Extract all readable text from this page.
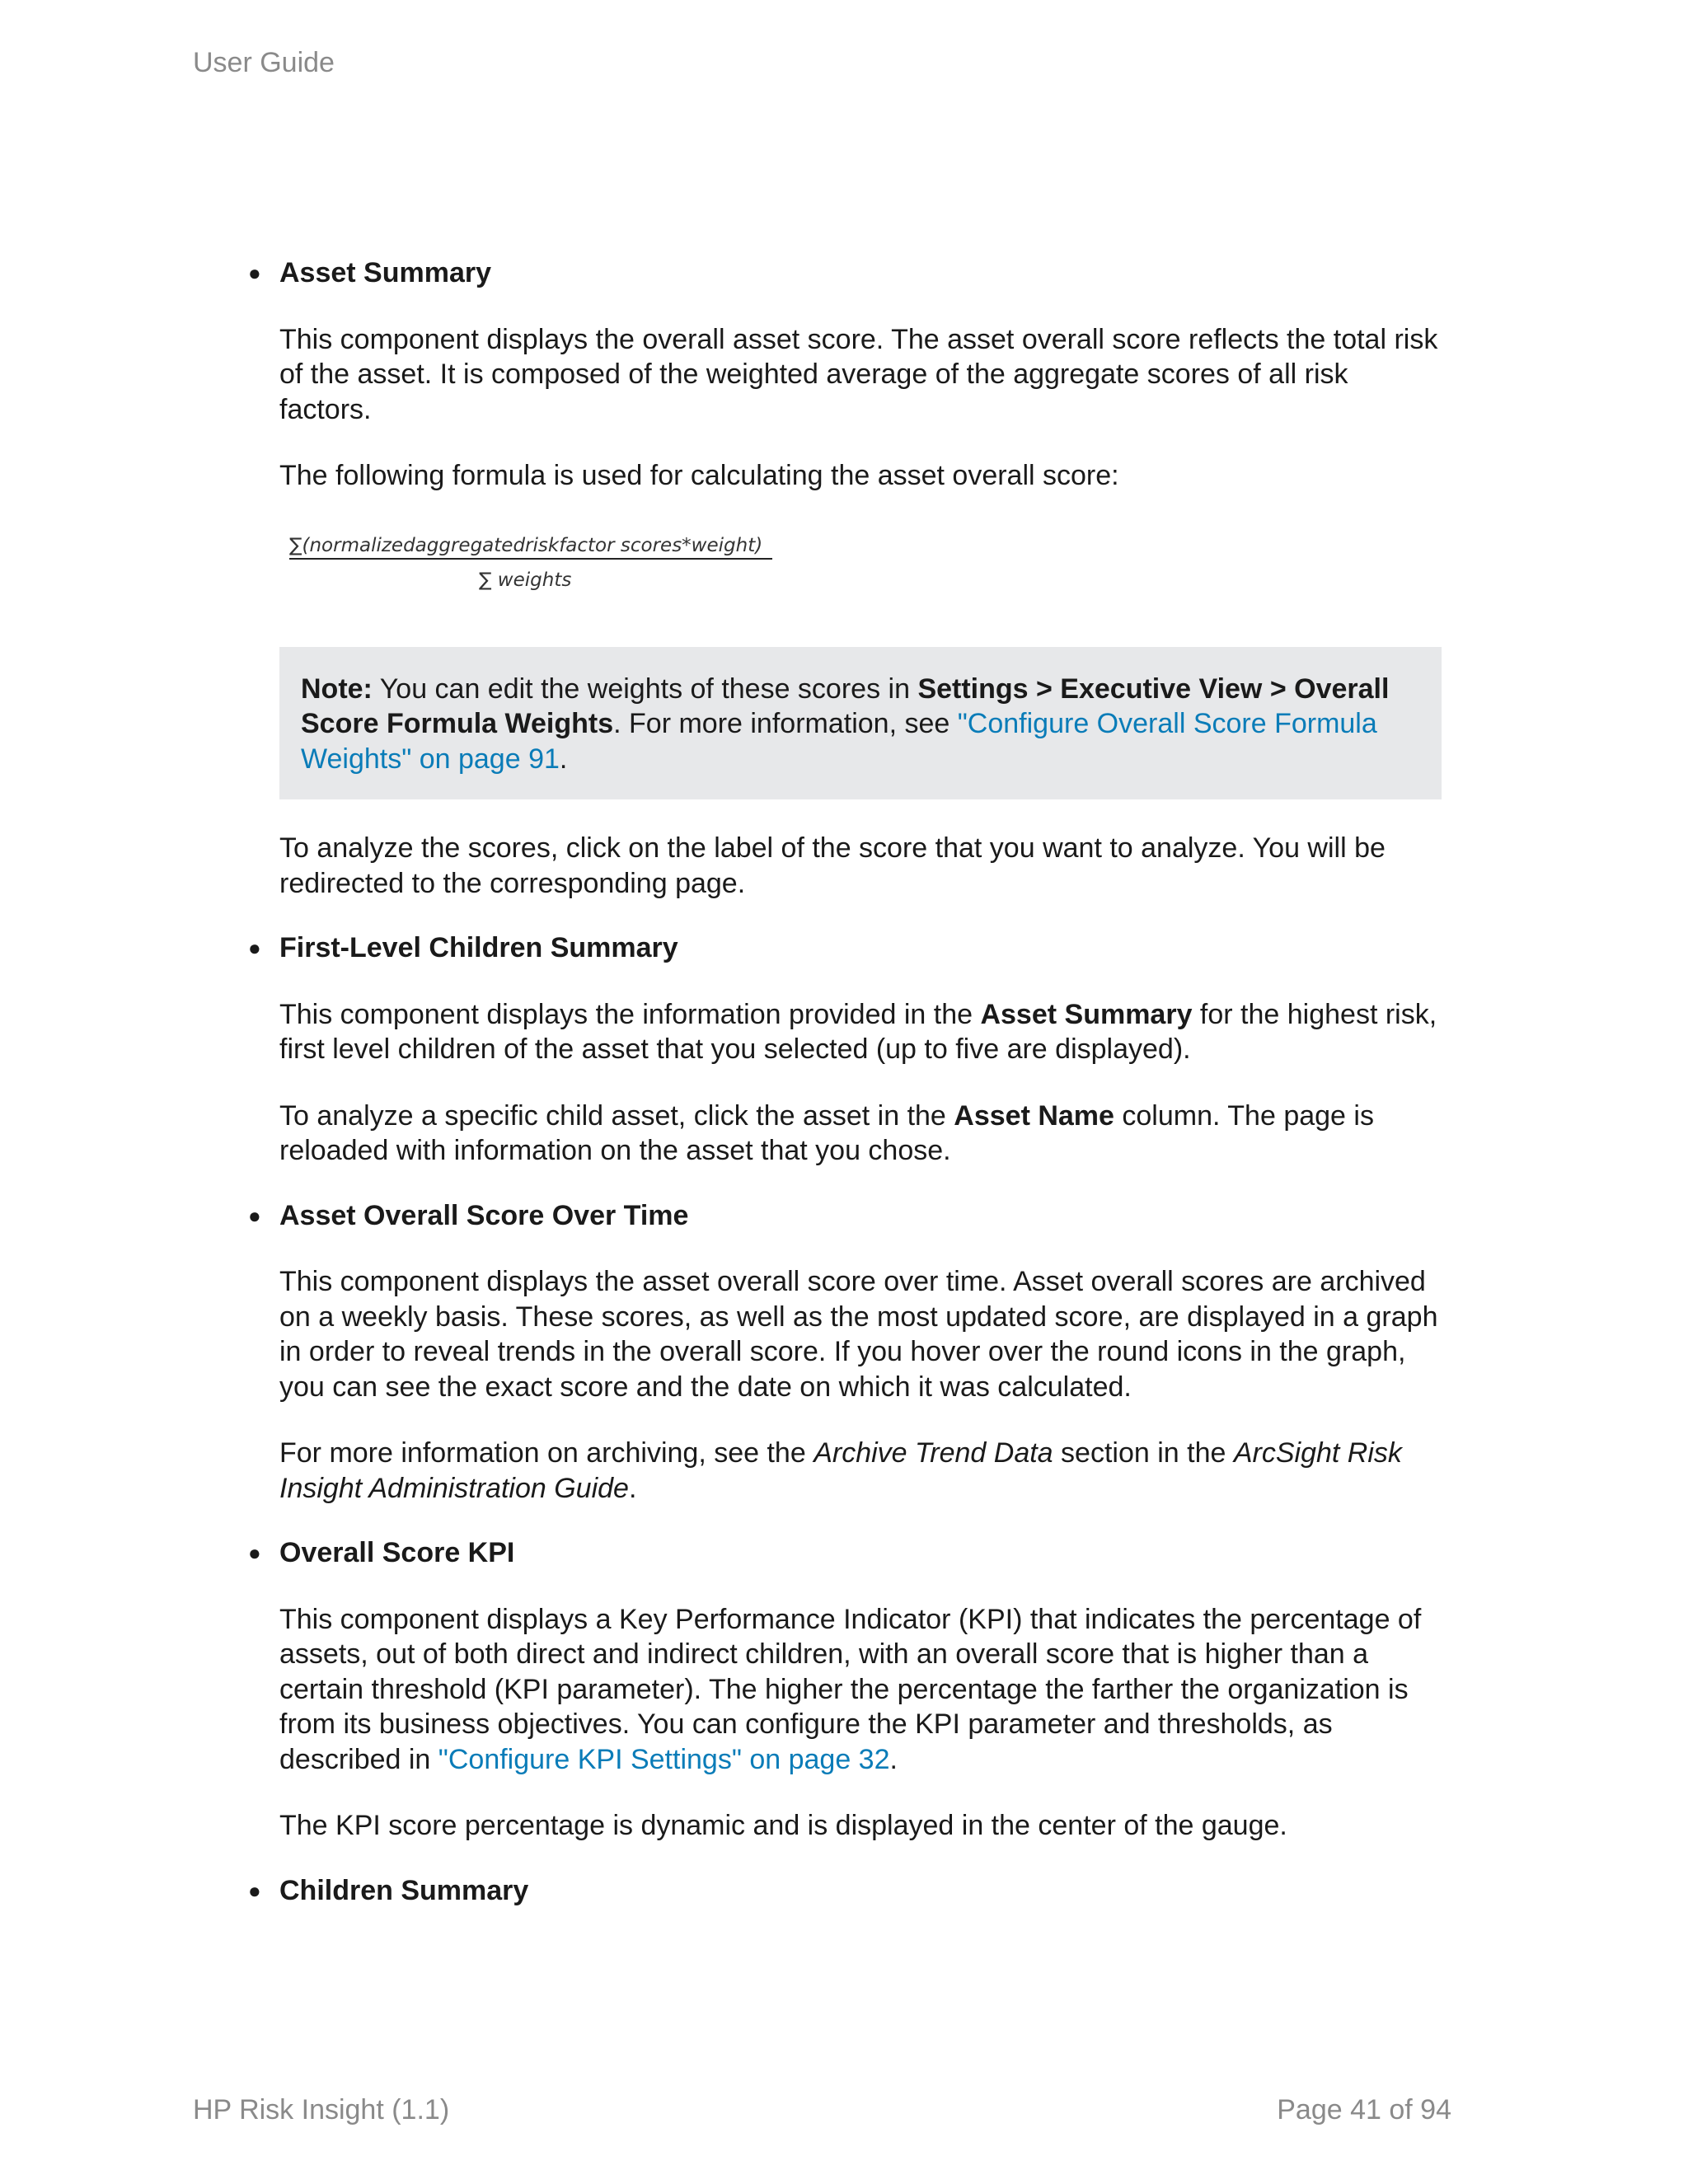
User Guide
● Asset Summary

This component displays the overall asset score. The asset overall score reflects the total risk of the asset. It is composed of the weighted average of the aggregate scores of all risk factors.

The following formula is used for calculating the asset overall score:

∑(normalizedaggregatedriskfactor scores*weight)
∑ weights
Note: You can edit the weights of these scores in Settings > Executive View > Overall Score Formula Weights. For more information, see "Configure Overall Score Formula Weights" on page 91.

To analyze the scores, click on the label of the score that you want to analyze. You will be redirected to the corresponding page.

● First-Level Children Summary

This component displays the information provided in the Asset Summary for the highest risk, first level children of the asset that you selected (up to five are displayed).

To analyze a specific child asset, click the asset in the Asset Name column. The page is reloaded with information on the asset that you chose.

● Asset Overall Score Over Time

This component displays the asset overall score over time. Asset overall scores are archived on a weekly basis. These scores, as well as the most updated score, are displayed in a graph in order to reveal trends in the overall score. If you hover over the round icons in the graph, you can see the exact score and the date on which it was calculated.

For more information on archiving, see the Archive Trend Data section in the ArcSight Risk Insight Administration Guide.

● Overall Score KPI

This component displays a Key Performance Indicator (KPI) that indicates the percentage of assets, out of both direct and indirect children, with an overall score that is higher than a certain threshold (KPI parameter). The higher the percentage the farther the organization is from its business objectives. You can configure the KPI parameter and thresholds, as described in "Configure KPI Settings" on page 32.

The KPI score percentage is dynamic and is displayed in the center of the gauge.

● Children Summary
HP Risk Insight (1.1)	Page 41 of 94
